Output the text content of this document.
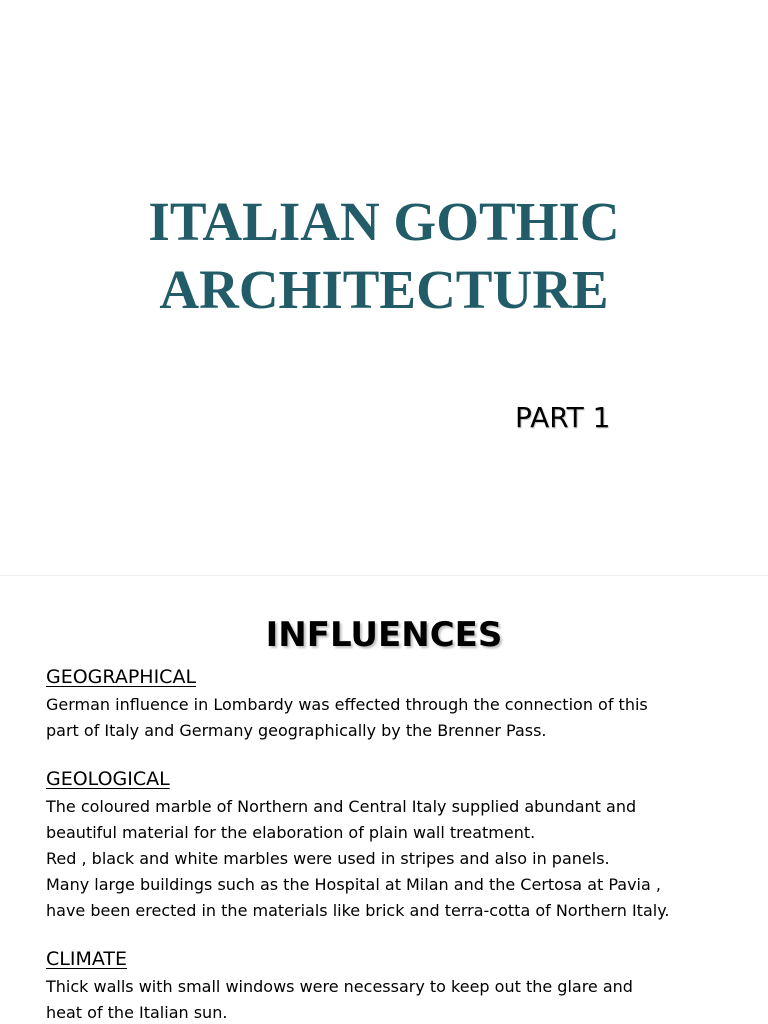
ITALIAN GOTHIC
ARCHITECTURE

PART 1

INFLUENCES
GEOGRAPHICAL

German influence in Lombardy was effected through the connection of this

part of Italy and Germany geographically by the Brenner Pass.

GEOLOGICAL

The coloured marble of Northern and Central Italy supplied abundant and

beautiful material for the elaboration of plain wall treatment.

Red , black and white marbles were used in stripes and also in panels.

Many large buildings such as the Hospital at Milan and the Certosa at Pavia ,

have been erected in the materials like brick and terra-cotta of Northern Italy.

CLIMATE

Thick walls with small windows were necessary to keep out the glare and

heat of the Italian sun.
